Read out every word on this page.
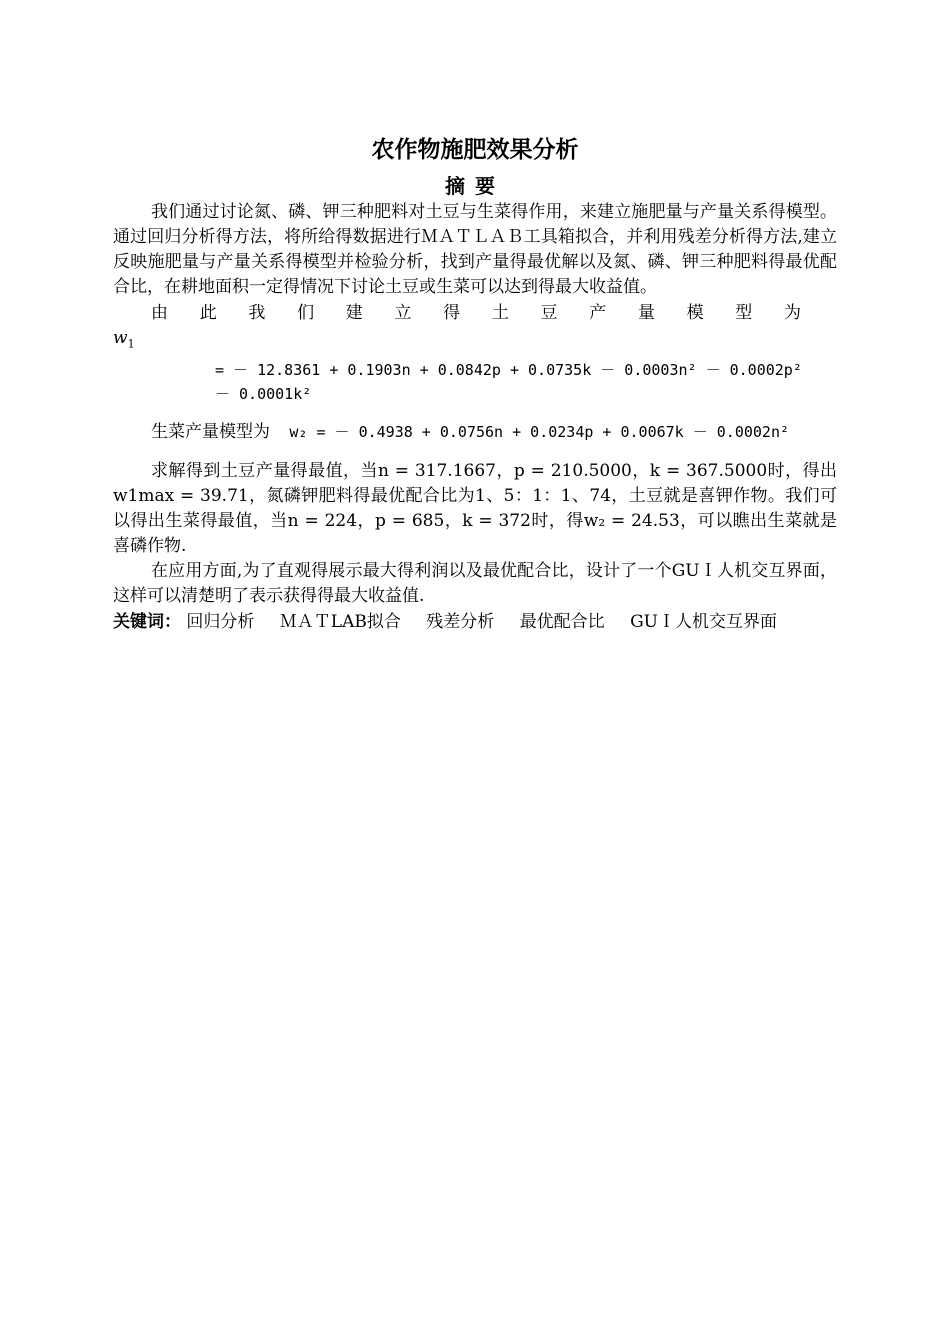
农作物施肥效果分析
摘要

我们通过讨论氮、磷、钾三种肥料对土豆与生菜得作用，来建立施肥量与产量关系得模型。通过回归分析得方法，将所给得数据进行ＭＡＴＬＡＢ工具箱拟合，并利用残差分析得方法,建立反映施肥量与产量关系得模型并检验分析，找到产量得最优解以及氮、磷、钾三种肥料得最优配合比，在耕地面积一定得情况下讨论土豆或生菜可以达到得最大收益值。

由 此 我 们 建 立 得 土 豆 产 量 模 型 为
$w_1$
= － 12.8361 + 0.1903n + 0.0842p + 0.0735k － 0.0003n² － 0.0002p²
－ 0.0001k²
生菜产量模型为 w₂ = － 0.4938 + 0.0756n + 0.0234p + 0.0067k － 0.0002n²

求解得到土豆产量得最值，当n = 317.1667，p = 210.5000，k = 367.5000时，得出w1max = 39.71，氮磷钾肥料得最优配合比为1、5：1：1、74，土豆就是喜钾作物。我们可以得出生菜得最值，当n = 224，p = 685，k = 372时，得w₂ = 24.53，可以瞧出生菜就是喜磷作物.

在应用方面,为了直观得展示最大得利润以及最优配合比，设计了一个GUＩ人机交互界面，这样可以清楚明了表示获得得最大收益值.

关键词： 回归分析 ＭＡＴLAB拟合 残差分析 最优配合比 GUＩ人机交互界面
